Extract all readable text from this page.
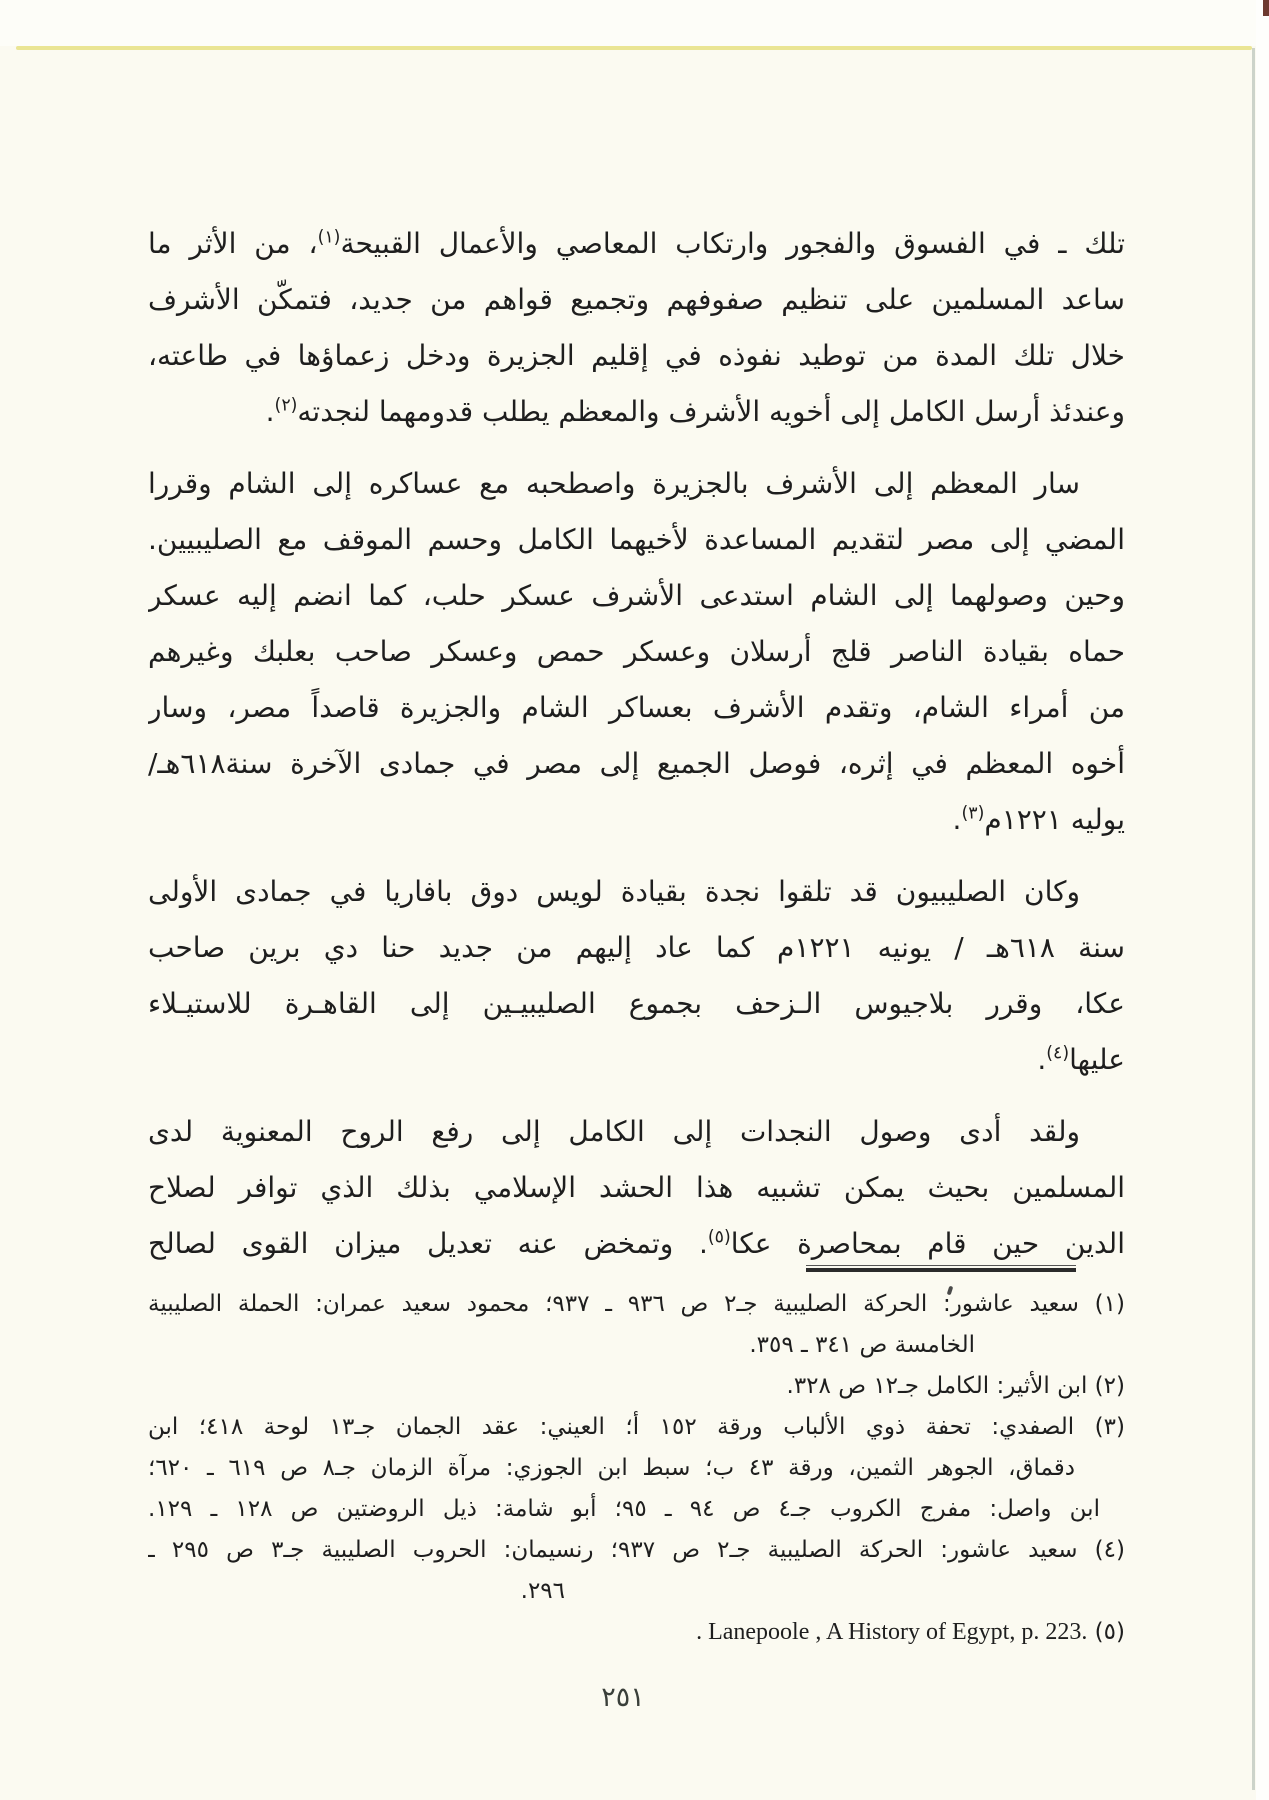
تلك ـ في الفسوق والفجور وارتكاب المعاصي والأعمال القبيحة$^{(١)}$، من الأثر ما
ساعد المسلمين على تنظيم صفوفهم وتجميع قواهم من جديد، فتمكّن الأشرف
خلال تلك المدة من توطيد نفوذه في إقليم الجزيرة ودخل زعماؤها في طاعته،
وعندئذ أرسل الكامل إلى أخويه الأشرف والمعظم يطلب قدومهما لنجدته$^{(٢)}$.
سار المعظم إلى الأشرف بالجزيرة واصطحبه مع عساكره إلى الشام وقررا
المضي إلى مصر لتقديم المساعدة لأخيهما الكامل وحسم الموقف مع الصليبيين.
وحين وصولهما إلى الشام استدعى الأشرف عسكر حلب، كما انضم إليه عسكر
حماه بقيادة الناصر قلج أرسلان وعسكر حمص وعسكر صاحب بعلبك وغيرهم
من أمراء الشام، وتقدم الأشرف بعساكر الشام والجزيرة قاصداً مصر، وسار
أخوه المعظم في إثره، فوصل الجميع إلى مصر في جمادى الآخرة سنة٦١٨هـ/
يوليه ١٢٢١م$^{(٣)}$.
وكان الصليبيون قد تلقوا نجدة بقيادة لويس دوق بافاريا في جمادى الأولى
سنة ٦١٨هـ / يونيه ١٢٢١م كما عاد إليهم من جديد حنا دي برين صاحب
عكا، وقرر بلاجيوس الـزحف بجموع الصليبيـين إلى القاهـرة للاستيـلاء
عليها$^{(٤)}$.
ولقد أدى وصول النجدات إلى الكامل إلى رفع الروح المعنوية لدى
المسلمين بحيث يمكن تشبيه هذا الحشد الإسلامي بذلك الذي توافر لصلاح
الدين حين قام بمحاصرة عكا$^{(٥)}$. وتمخض عنه تعديل ميزان القوى لصالح
(١) سعيد عاشور: الحركة الصليبية جـ٢ ص ٩٣٦ ـ ٩٣٧؛ محمود سعيد عمران: الحملة الصليبية
الخامسة ص ٣٤١ ـ ٣٥٩.
(٢) ابن الأثير: الكامل جـ١٢ ص ٣٢٨.
(٣) الصفدي: تحفة ذوي الألباب ورقة ١٥٢ أ؛ العيني: عقد الجمان جـ١٣ لوحة ٤١٨؛ ابن
دقماق، الجوهر الثمين، ورقة ٤٣ ب؛ سبط ابن الجوزي: مرآة الزمان جـ٨ ص ٦١٩ ـ ٦٢٠؛
ابن واصل: مفرج الكروب جـ٤ ص ٩٤ ـ ٩٥؛ أبو شامة: ذيل الروضتين ص ١٢٨ ـ ١٢٩.
(٤) سعيد عاشور: الحركة الصليبية جـ٢ ص ٩٣٧؛ رنسيمان: الحروب الصليبية جـ٣ ص ٢٩٥ ـ
٢٩٦.
(٥) . Lanepoole , A History of Egypt, p. 223.
٢٥١
